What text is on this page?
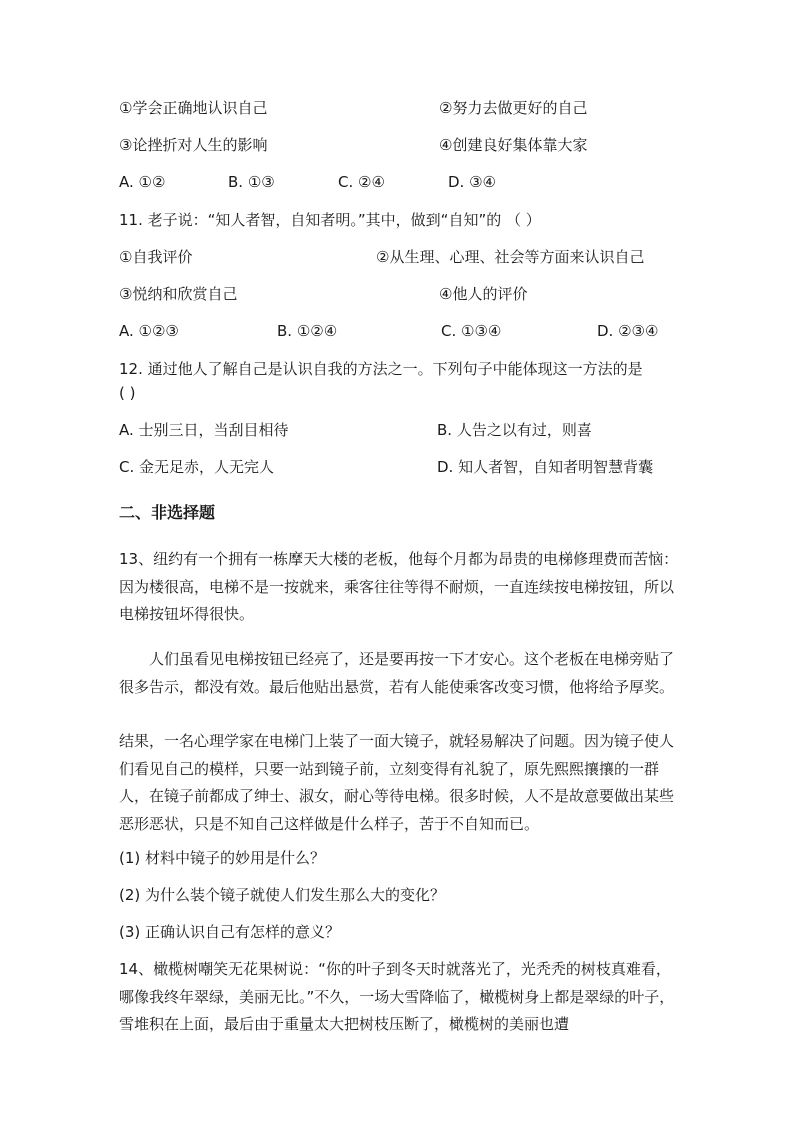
①学会正确地认识自己	②努力去做更好的自己
③论挫折对人生的影响	④创建良好集体靠大家
A. ①②	B. ①③	C. ②④	D. ③④
11. 老子说：“知人者智，自知者明。”其中，做到“自知”的 （ ）
①自我评价	②从生理、心理、社会等方面来认识自己
③悦纳和欣赏自己	④他人的评价
A. ①②③	B. ①②④	C. ①③④	D. ②③④
12. 通过他人了解自己是认识自我的方法之一。下列句子中能体现这一方法的是
( )
A. 士别三日，当刮目相待	B. 人告之以有过，则喜
C. 金无足赤，人无完人	D. 知人者智，自知者明智慧背囊
二、非选择题
13、纽约有一个拥有一栋摩天大楼的老板，他每个月都为昂贵的电梯修理费而苦恼：因为楼很高，电梯不是一按就来，乘客往往等得不耐烦，一直连续按电梯按钮，所以电梯按钮坏得很快。
人们虽看见电梯按钮已经亮了，还是要再按一下才安心。这个老板在电梯旁贴了很多告示，都没有效。最后他贴出悬赏，若有人能使乘客改变习惯，他将给予厚奖。
结果，一名心理学家在电梯门上装了一面大镜子，就轻易解决了问题。因为镜子使人们看见自己的模样，只要一站到镜子前，立刻变得有礼貌了，原先熙熙攘攘的一群人，在镜子前都成了绅士、淑女，耐心等待电梯。很多时候，人不是故意要做出某些恶形恶状，只是不知自己这样做是什么样子，苦于不自知而已。
(1) 材料中镜子的妙用是什么？
(2) 为什么装个镜子就使人们发生那么大的变化？
(3) 正确认识自己有怎样的意义？
14、橄榄树嘲笑无花果树说：“你的叶子到冬天时就落光了，光秃秃的树枝真难看，哪像我终年翠绿，美丽无比。”不久，一场大雪降临了，橄榄树身上都是翠绿的叶子，雪堆积在上面，最后由于重量太大把树枝压断了，橄榄树的美丽也遭
